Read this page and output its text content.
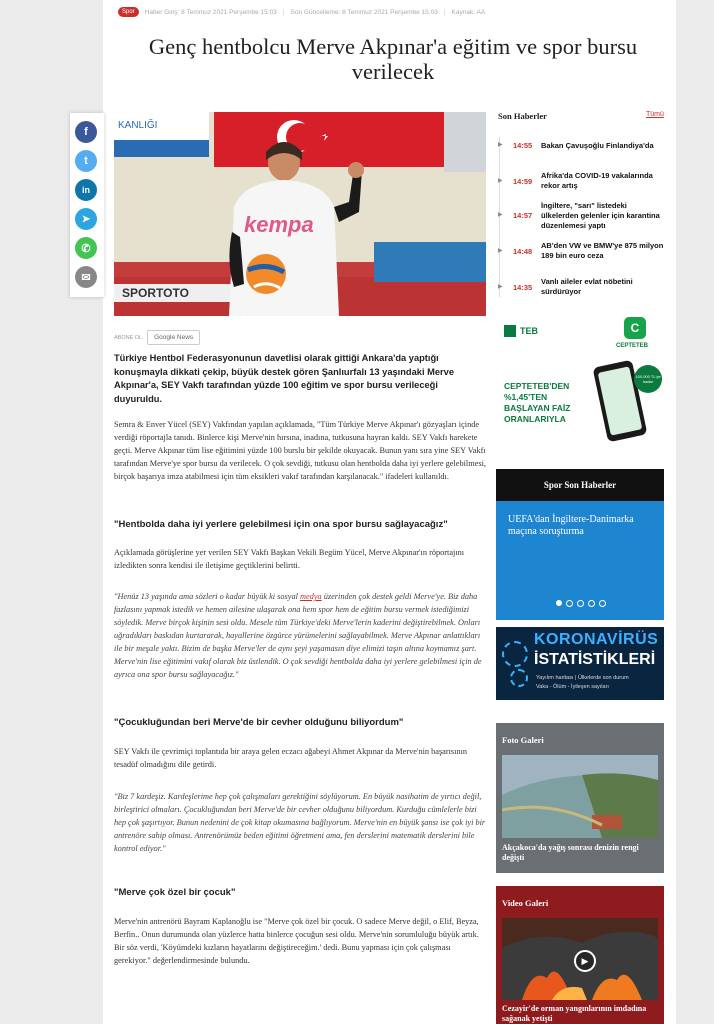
Spor	Haber Giriş: 8 Temmuz 2021 Perşembe 15:03 | Son Güncelleme: 8 Temmuz 2021 Perşembe 15:03 | Kaynak: AA
Genç hentbolcu Merve Akpınar'a eğitim ve spor bursu verilecek
f
t
in
➤
✆
✉
SPORTOTO
KANLIĞI
kempa
ABONE OL	Google News
Türkiye Hentbol Federasyonunun davetlisi olarak gittiği Ankara'da yaptığı konuşmayla dikkati çekip, büyük destek gören Şanlıurfalı 13 yaşındaki Merve Akpınar'a, SEY Vakfı tarafından yüzde 100 eğitim ve spor bursu verileceği duyuruldu.
Semra & Enver Yücel (SEY) Vakfından yapılan açıklamada, "Tüm Türkiye Merve Akpınar'ı gözyaşları içinde verdiği röportajla tanıdı. Binlerce kişi Merve'nin hırsına, inadına, tutkusuna hayran kaldı. SEY Vakfı harekete geçti. Merve Akpınar tüm lise eğitimini yüzde 100 burslu bir şekilde okuyacak. Bunun yanı sıra yine SEY Vakfı tarafından Merve'ye spor bursu da verilecek. O çok sevdiği, tutkusu olan hentbolda daha iyi yerlere gelebilmesi, birçok başarıya imza atabilmesi için tüm eksikleri vakıf tarafından karşılanacak." ifadeleri kullanıldı.
"Hentbolda daha iyi yerlere gelebilmesi için ona spor bursu sağlayacağız"
Açıklamada görüşlerine yer verilen SEY Vakfı Başkan Vekili Begüm Yücel, Merve Akpınar'ın röportajını izledikten sonra kendisi ile iletişime geçtiklerini belirtti.
"Henüz 13 yaşında ama sözleri o kadar büyük ki sosyal medya üzerinden çok destek geldi Merve'ye. Biz daha fazlasını yapmak istedik ve hemen ailesine ulaşarak ona hem spor hem de eğitim bursu vermek istediğimizi söyledik. Merve birçok kişinin sesi oldu. Mesele tüm Türkiye'deki Merve'lerin kaderini değiştirebilmek. Onları uğradıkları baskıdan kurtararak, hayallerine özgürce yürümelerini sağlayabilmek. Merve Akpınar anlattıkları ile bir meşale yaktı. Bizim de başka Merve'ler de aynı şeyi yaşamasın diye elimizi taşın altına koymamız şart. Merve'nin lise eğitimini vakıf olarak biz üstlendik. O çok sevdiği hentbolda daha iyi yerlere gelebilmesi için de ayrıca ona spor bursu sağlayacağız."
"Çocukluğundan beri Merve'de bir cevher olduğunu biliyordum"
SEY Vakfı ile çevrimiçi toplantıda bir araya gelen eczacı ağabeyi Ahmet Akpınar da Merve'nin başarısının tesadüf olmadığını dile getirdi.
"Biz 7 kardeşiz. Kardeşlerime hep çok çalışmaları gerektiğini söylüyorum. En büyük nasihatim de yırtıcı değil, birleştirici olmaları. Çocukluğundan beri Merve'de bir cevher olduğunu biliyordum. Kurduğu cümlelerle bizi hep çok şaşırtıyor. Bunun nedenini de çok kitap okumasına bağlıyorum. Merve'nin en büyük şansı ise çok iyi bir antrenöre sahip olması. Antrenörümüz beden eğitimi öğretmeni ama, fen derslerini matematik derslerini bile kontrol ediyor."
"Merve çok özel bir çocuk"
Merve'nin antrenörü Bayram Kaplanoğlu ise "Merve çok özel bir çocuk. O sadece Merve değil, o Elif, Beyza, Berfin.. Onun durumunda olan yüzlerce hatta binlerce çocuğun sesi oldu. Merve'nin sorumluluğu büyük artık. Bir söz verdi, 'Köyümdeki kızların hayatlarını değiştireceğim.' dedi. Bunu yapması için çok çalışması gerekiyor." değerlendirmesinde bulundu.
Son Haberler	Tümü
▶ 14:55 Bakan Çavuşoğlu Finlandiya'da
▶ 14:59
Afrika'da COVID-19 vakalarında rekor artış
▶ 14:57
İngiltere, "sarı" listedeki ülkelerden gelenler için karantina düzenlemesi yaptı
▶ 14:48
AB'den VW ve BMW'ye 875 milyon 189 bin euro ceza
▶ 14:35
Vanlı aileler evlat nöbetini sürdürüyor
TEB	C
CEPTETEB
CEPTETEB'DEN %1,45'TEN BAŞLAYAN FAİZ ORANLARIYLA
100.000 TL'ye kadar
Spor Son Haberler
UEFA'dan İngiltere-Danimarka maçına soruşturma
KORONAVİRÜS
İSTATİSTİKLERİ
Yayılım haritası | Ülkelerde son durum
Vaka - Ölüm - İyileşen sayıları
Foto Galeri
Akçakoca'da yağış sonrası denizin rengi değişti
Video Galeri
▶
Cezayir'de orman yangınlarının imdadına sağanak yetişti
